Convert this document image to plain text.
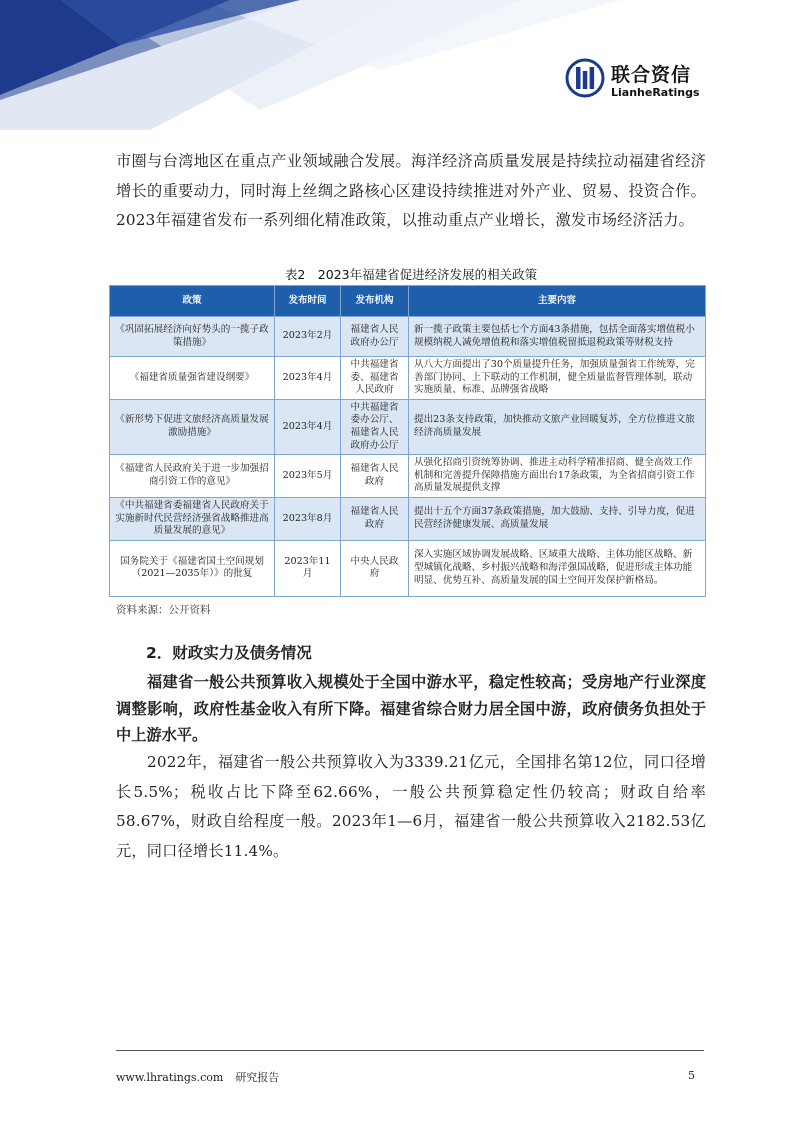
联合资信
LianheRatings

市圈与台湾地区在重点产业领域融合发展。海洋经济高质量发展是持续拉动福建省经济增长的重要动力，同时海上丝绸之路核心区建设持续推进对外产业、贸易、投资合作。2023年福建省发布一系列细化精准政策，以推动重点产业增长，激发市场经济活力。

表2　2023年福建省促进经济发展的相关政策
政策	发布时间	发布机构	主要内容
《巩固拓展经济向好势头的一揽子政策措施》	2023年2月	福建省人民政府办公厅	新一揽子政策主要包括七个方面43条措施，包括全面落实增值税小规模纳税人减免增值税和落实增值税留抵退税政策等财税支持
《福建省质量强省建设纲要》	2023年4月	中共福建省委、福建省人民政府	从八大方面提出了30个质量提升任务，加强质量强省工作统筹，完善部门协同、上下联动的工作机制，健全质量监督管理体制，联动实施质量、标准、品牌强省战略
《新形势下促进文旅经济高质量发展激励措施》	2023年4月	中共福建省委办公厅、福建省人民政府办公厅	提出23条支持政策，加快推动文旅产业回暖复苏，全方位推进文旅经济高质量发展
《福建省人民政府关于进一步加强招商引资工作的意见》	2023年5月	福建省人民政府	从强化招商引资统筹协调、推进主动科学精准招商、健全高效工作机制和完善提升保障措施方面出台17条政策，为全省招商引资工作高质量发展提供支撑
《中共福建省委福建省人民政府关于实施新时代民营经济强省战略推进高质量发展的意见》	2023年8月	福建省人民政府	提出十五个方面37条政策措施，加大鼓励、支持、引导力度，促进民营经济健康发展、高质量发展
国务院关于《福建省国土空间规划（2021—2035年）》的批复	2023年11月	中央人民政府	深入实施区域协调发展战略、区域重大战略、主体功能区战略、新型城镇化战略、乡村振兴战略和海洋强国战略，促进形成主体功能明显、优势互补、高质量发展的国土空间开发保护新格局。
资料来源：公开资料
2．财政实力及债务情况

福建省一般公共预算收入规模处于全国中游水平，稳定性较高；受房地产行业深度调整影响，政府性基金收入有所下降。福建省综合财力居全国中游，政府债务负担处于中上游水平。

2022年，福建省一般公共预算收入为3339.21亿元，全国排名第12位，同口径增长5.5%；税收占比下降至62.66%，一般公共预算稳定性仍较高；财政自给率58.67%，财政自给程度一般。2023年1—6月，福建省一般公共预算收入2182.53亿元，同口径增长11.4%。

www.lhratings.com 研究报告	5
